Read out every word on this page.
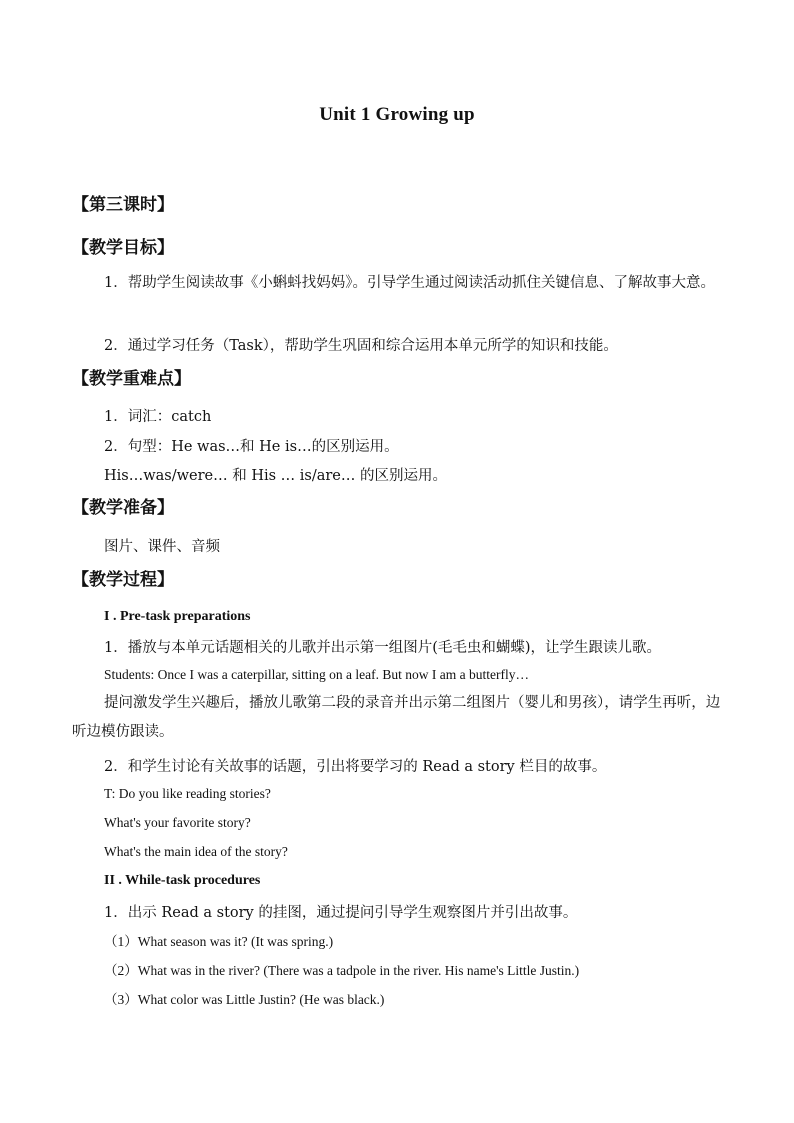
Unit 1 Growing up
【第三课时】
【教学目标】
1．帮助学生阅读故事《小蝌蚪找妈妈》。引导学生通过阅读活动抓住关键信息、了解故事大意。
2．通过学习任务（Task），帮助学生巩固和综合运用本单元所学的知识和技能。
【教学重难点】
1．词汇：catch
2．句型：He was…和 He is…的区别运用。
His…was/were… 和 His … is/are… 的区别运用。
【教学准备】
图片、课件、音频
【教学过程】
I . Pre-task preparations
1．播放与本单元话题相关的儿歌并出示第一组图片(毛毛虫和蝴蝶)，让学生跟读儿歌。
Students: Once I was a caterpillar, sitting on a leaf. But now I am a butterfly…
提问激发学生兴趣后，播放儿歌第二段的录音并出示第二组图片（婴儿和男孩），请学生再听，边听边模仿跟读。
2．和学生讨论有关故事的话题，引出将要学习的 Read a story 栏目的故事。
T: Do you like reading stories?
What's your favorite story?
What's the main idea of the story?
II . While-task procedures
1．出示 Read a story 的挂图，通过提问引导学生观察图片并引出故事。
（1）What season was it? (It was spring.)
（2）What was in the river? (There was a tadpole in the river. His name's Little Justin.)
（3）What color was Little Justin? (He was black.)
